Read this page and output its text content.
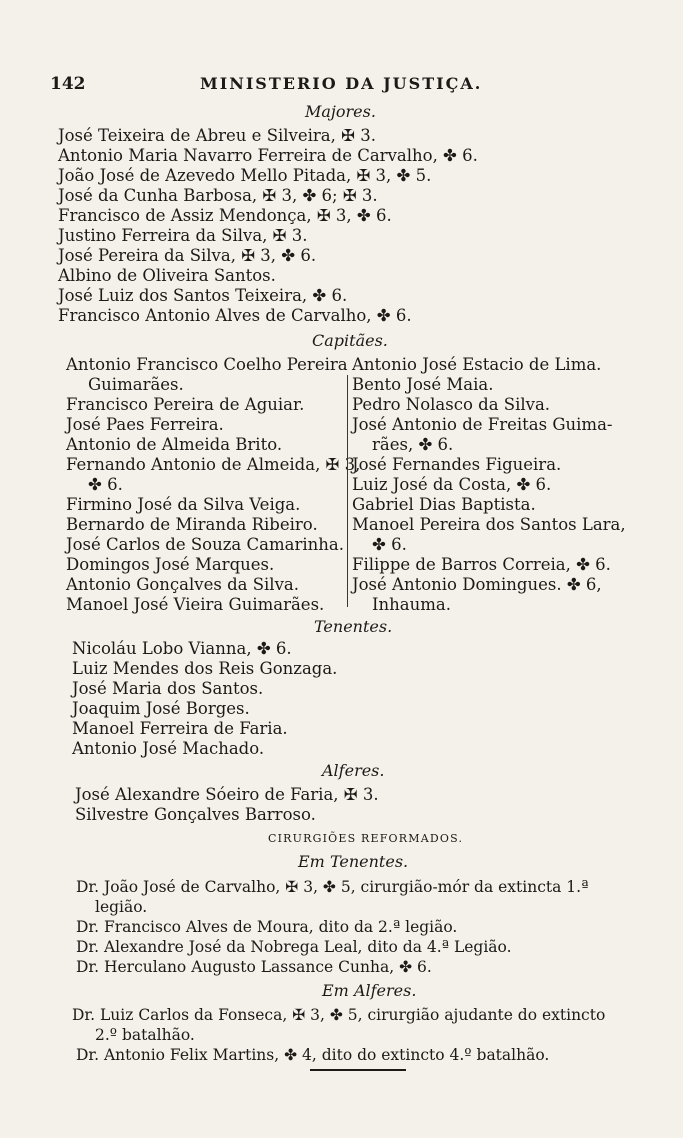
142	MINISTERIO DA JUSTIÇA.
Majores.
José Teixeira de Abreu e Silveira, ✠ 3.
Antonio Maria Navarro Ferreira de Carvalho, ✤ 6.
João José de Azevedo Mello Pitada, ✠ 3, ✤ 5.
José da Cunha Barbosa, ✠ 3, ✤ 6; ✠ 3.
Francisco de Assiz Mendonça, ✠ 3, ✤ 6.
Justino Ferreira da Silva, ✠ 3.
José Pereira da Silva, ✠ 3, ✤ 6.
Albino de Oliveira Santos.
José Luiz dos Santos Teixeira, ✤ 6.
Francisco Antonio Alves de Carvalho, ✤ 6.
Capitães.
Antonio Francisco Coelho Pereira
Guimarães.
Francisco Pereira de Aguiar.
José Paes Ferreira.
Antonio de Almeida Brito.
Fernando Antonio de Almeida, ✠ 3,
✤ 6.
Firmino José da Silva Veiga.
Bernardo de Miranda Ribeiro.
José Carlos de Souza Camarinha.
Domingos José Marques.
Antonio Gonçalves da Silva.
Manoel José Vieira Guimarães.
Antonio José Estacio de Lima.
Bento José Maia.
Pedro Nolasco da Silva.
José Antonio de Freitas Guima-
rães, ✤ 6.
José Fernandes Figueira.
Luiz José da Costa, ✤ 6.
Gabriel Dias Baptista.
Manoel Pereira dos Santos Lara,
✤ 6.
Filippe de Barros Correia, ✤ 6.
José Antonio Domingues. ✤ 6,
Inhauma.
Tenentes.
Nicoláu Lobo Vianna, ✤ 6.
Luiz Mendes dos Reis Gonzaga.
José Maria dos Santos.
Joaquim José Borges.
Manoel Ferreira de Faria.
Antonio José Machado.
Alferes.
José Alexandre Sóeiro de Faria, ✠ 3.
Silvestre Gonçalves Barroso.
CIRURGIÕES REFORMADOS.
Em Tenentes.
Dr. João José de Carvalho, ✠ 3, ✤ 5, cirurgião-mór da extincta 1.ª
legião.
Dr. Francisco Alves de Moura, dito da 2.ª legião.
Dr. Alexandre José da Nobrega Leal, dito da 4.ª Legião.
Dr. Herculano Augusto Lassance Cunha, ✤ 6.
Em Alferes.
Dr. Luiz Carlos da Fonseca, ✠ 3, ✤ 5, cirurgião ajudante do extincto
2.º batalhão.
Dr. Antonio Felix Martins, ✤ 4, dito do extincto 4.º batalhão.
